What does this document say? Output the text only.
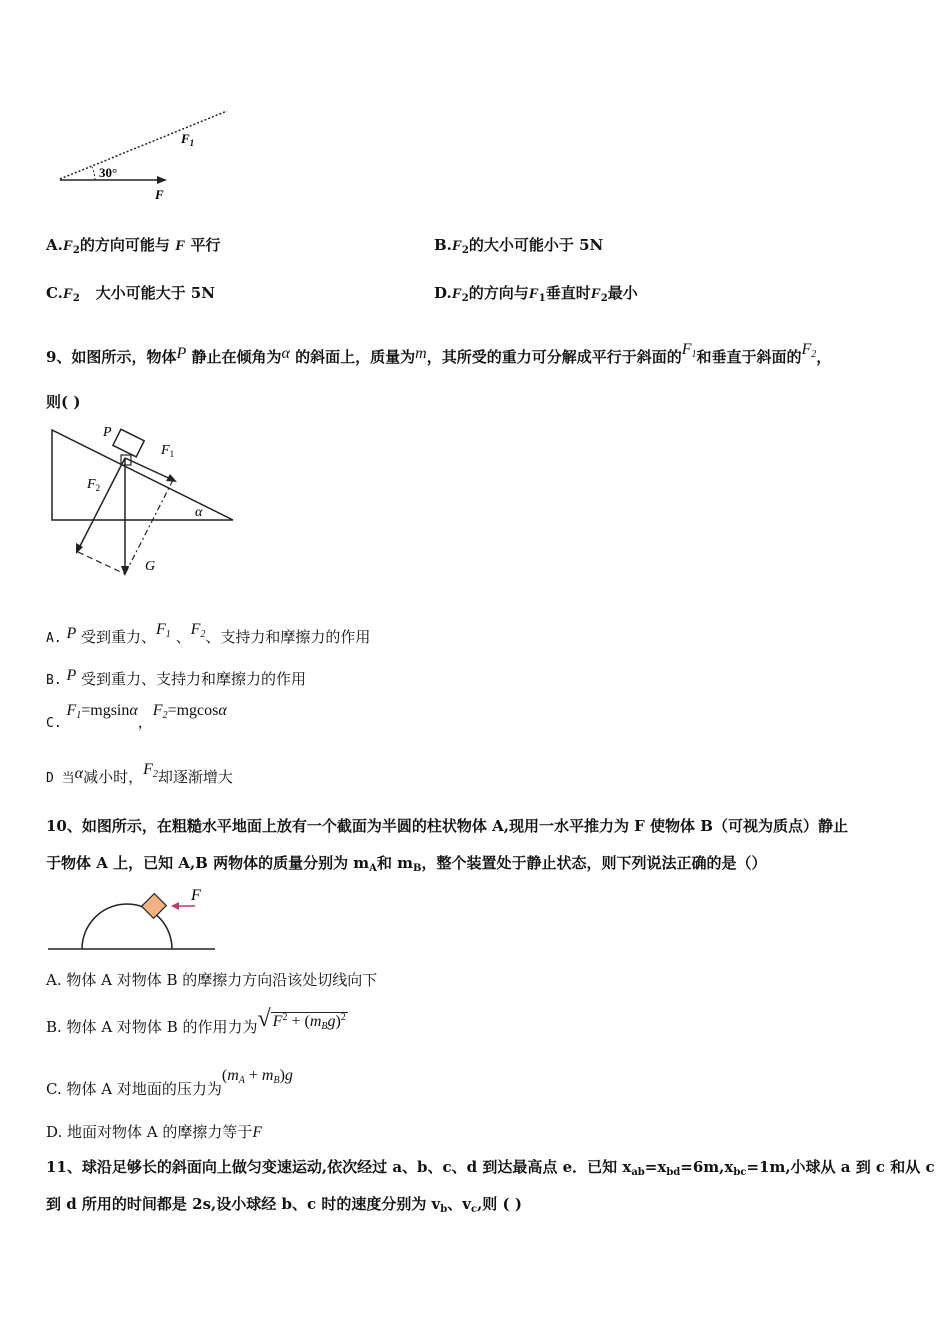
30°
$F_1$
F
$A.F_2$的方向可能与 F 平行	$B.F_2$的大小可能小于 5N
$C.F_2$ 大小可能大于 5N	$D.F_2$的方向与$F_1$垂直时$F_2$最小
9、如图所示，物体P 静止在倾角为α 的斜面上，质量为m，其所受的重力可分解成平行于斜面的F1和垂直于斜面的F2，
则( )
P
$F_1$
$F_2$
α
G
A. P 受到重力、F1 、F2、支持力和摩擦力的作用
B. P 受到重力、支持力和摩擦力的作用
C. F1=mgsinα，F2=mgcosα
D 当α减小时，F2却逐渐增大
10、如图所示，在粗糙水平地面上放有一个截面为半圆的柱状物体 A,现用一水平推力为 F 使物体 B（可视为质点）静止
于物体 A 上，已知 A,B 两物体的质量分别为 $m_A$和 $m_B$，整个装置处于静止状态，则下列说法正确的是（）
F
A. 物体 A 对物体 B 的摩擦力方向沿该处切线向下
B. 物体 A 对物体 B 的作用力为√ $F^2 + (mBg)^2$
C. 物体 A 对地面的压力为(mA + mB)g
D. 地面对物体 A 的摩擦力等于F
11、球沿足够长的斜面向上做匀变速运动,依次经过 a、b、c、d 到达最高点 e．已知 $x_{ab}=x_{bd}=6m,x_{bc}=1m$,小球从 a 到 c 和从 c
到 d 所用的时间都是 2s,设小球经 b、c 时的速度分别为 $v_b$、$v_c$,则 ( )
